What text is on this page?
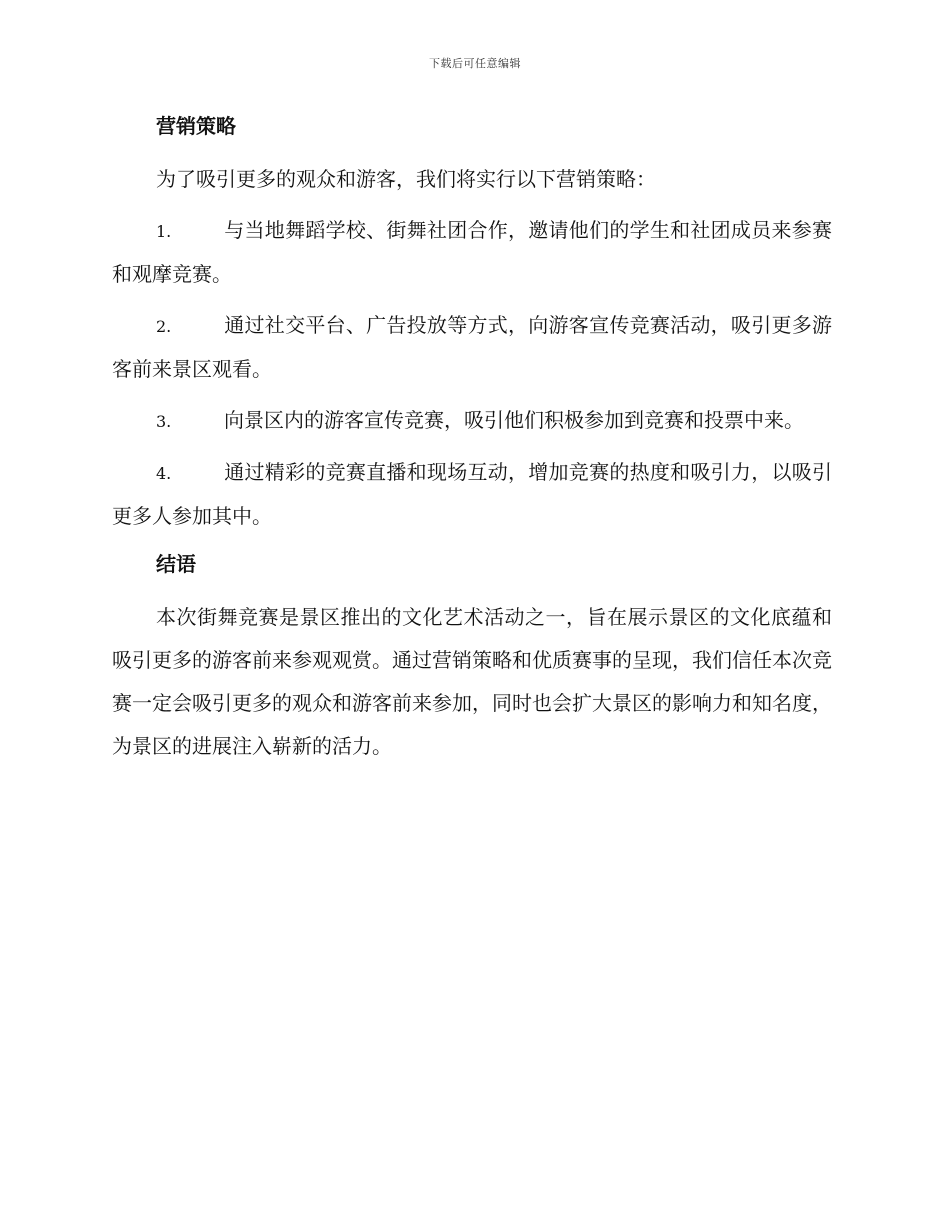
下载后可任意编辑
营销策略

为了吸引更多的观众和游客，我们将实行以下营销策略：

1.	与当地舞蹈学校、街舞社团合作，邀请他们的学生和社团成员来参赛和观摩竞赛。

2.	通过社交平台、广告投放等方式，向游客宣传竞赛活动，吸引更多游客前来景区观看。

3.	向景区内的游客宣传竞赛，吸引他们积极参加到竞赛和投票中来。

4.	通过精彩的竞赛直播和现场互动，增加竞赛的热度和吸引力，以吸引更多人参加其中。

结语

本次街舞竞赛是景区推出的文化艺术活动之一，旨在展示景区的文化底蕴和吸引更多的游客前来参观观赏。通过营销策略和优质赛事的呈现，我们信任本次竞赛一定会吸引更多的观众和游客前来参加，同时也会扩大景区的影响力和知名度，为景区的进展注入崭新的活力。
